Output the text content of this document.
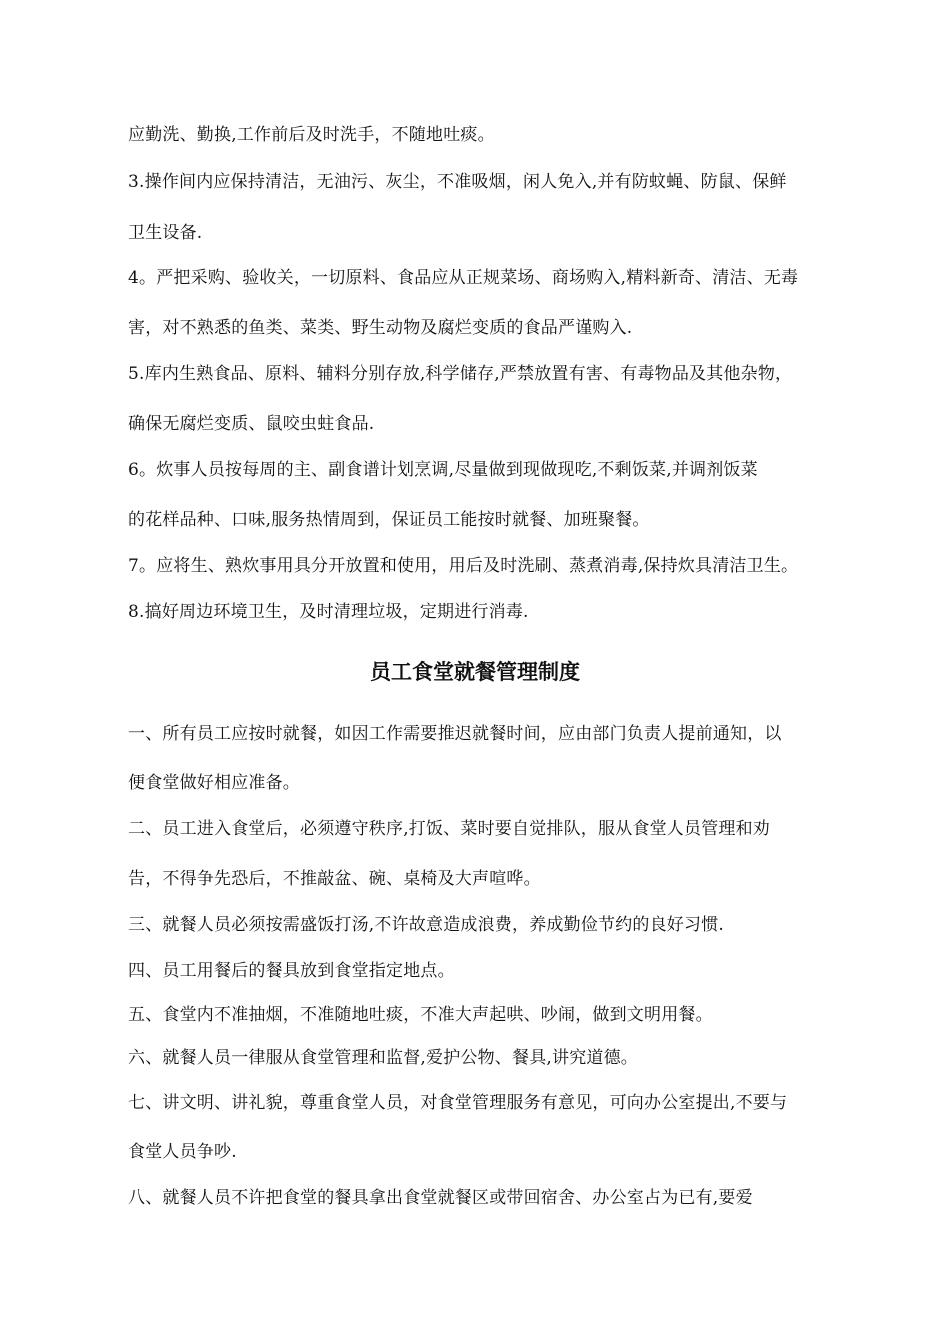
应勤洗、勤换,工作前后及时洗手，不随地吐痰。
3.操作间内应保持清洁，无油污、灰尘，不准吸烟，闲人免入,并有防蚊蝇、防鼠、保鲜
卫生设备.
4。严把采购、验收关，一切原料、食品应从正规菜场、商场购入,精料新奇、清洁、无毒
害，对不熟悉的鱼类、菜类、野生动物及腐烂变质的食品严谨购入.
5.库内生熟食品、原料、辅料分别存放,科学储存,严禁放置有害、有毒物品及其他杂物，
确保无腐烂变质、鼠咬虫蛀食品.
6。炊事人员按每周的主、副食谱计划烹调,尽量做到现做现吃,不剩饭菜,并调剂饭菜
的花样品种、口味,服务热情周到，保证员工能按时就餐、加班聚餐。
7。应将生、熟炊事用具分开放置和使用，用后及时洗刷、蒸煮消毒,保持炊具清洁卫生。
8.搞好周边环境卫生，及时清理垃圾，定期进行消毒.
员工食堂就餐管理制度
一、所有员工应按时就餐，如因工作需要推迟就餐时间，应由部门负责人提前通知，以
便食堂做好相应准备。
二、员工进入食堂后，必须遵守秩序,打饭、菜时要自觉排队，服从食堂人员管理和劝
告，不得争先恐后，不推敲盆、碗、桌椅及大声喧哗。
三、就餐人员必须按需盛饭打汤,不许故意造成浪费，养成勤俭节约的良好习惯.
四、员工用餐后的餐具放到食堂指定地点。
五、食堂内不准抽烟，不准随地吐痰，不准大声起哄、吵闹，做到文明用餐。
六、就餐人员一律服从食堂管理和监督,爱护公物、餐具,讲究道德。
七、讲文明、讲礼貌，尊重食堂人员，对食堂管理服务有意见，可向办公室提出,不要与
食堂人员争吵.
八、就餐人员不许把食堂的餐具拿出食堂就餐区或带回宿舍、办公室占为已有,要爱
